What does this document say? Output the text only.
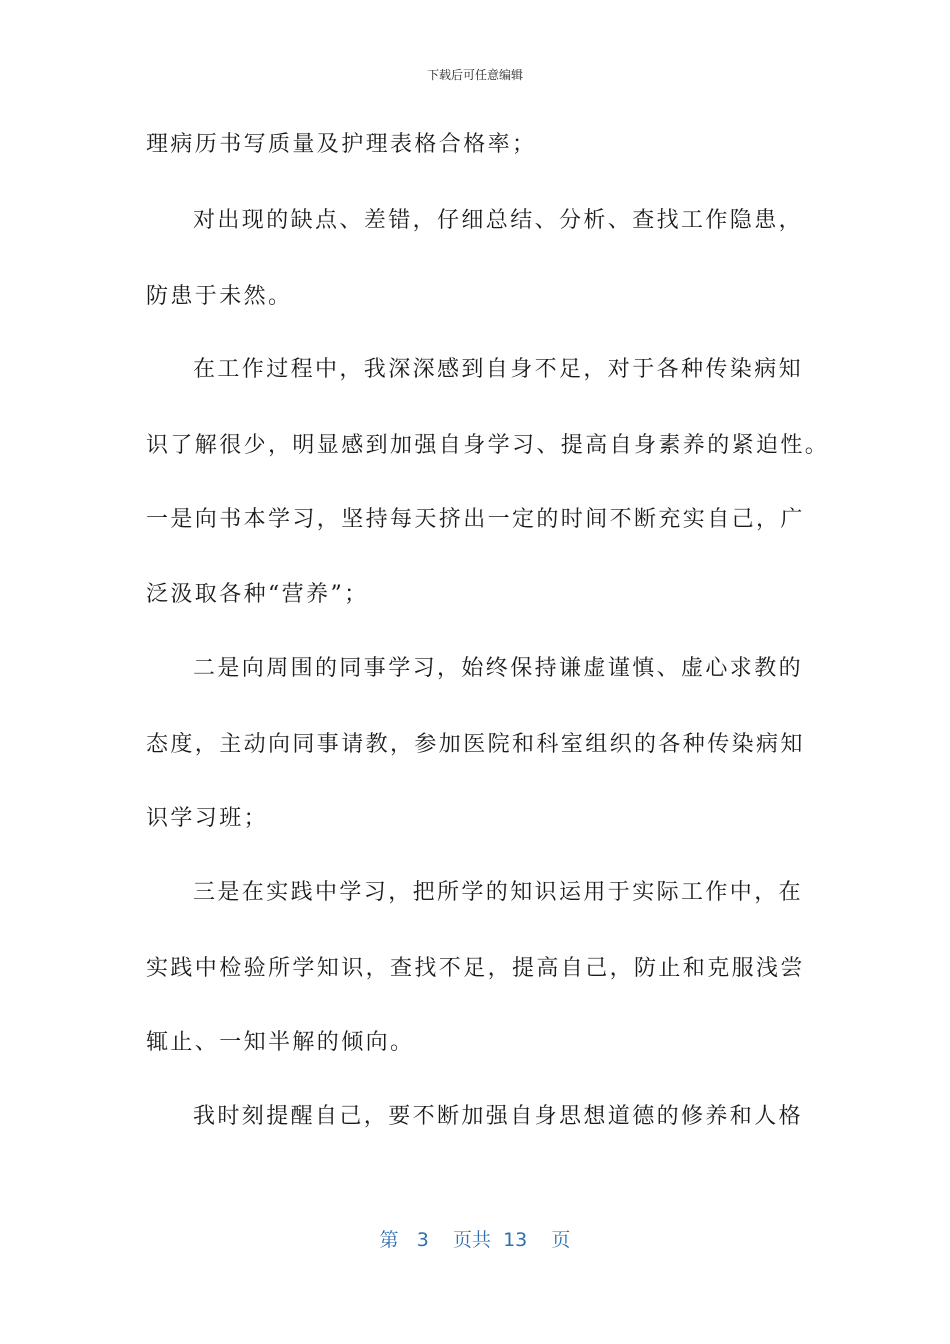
下载后可任意编辑
理病历书写质量及护理表格合格率；
对出现的缺点、差错，仔细总结、分析、查找工作隐患，
防患于未然。
在工作过程中，我深深感到自身不足，对于各种传染病知
识了解很少，明显感到加强自身学习、提高自身素养的紧迫性。
一是向书本学习，坚持每天挤出一定的时间不断充实自己，广
泛汲取各种“营养”；
二是向周围的同事学习，始终保持谦虚谨慎、虚心求教的
态度，主动向同事请教，参加医院和科室组织的各种传染病知
识学习班；
三是在实践中学习，把所学的知识运用于实际工作中，在
实践中检验所学知识，查找不足，提高自己，防止和克服浅尝
辄止、一知半解的倾向。
我时刻提醒自己，要不断加强自身思想道德的修养和人格
第 3 页共 13 页
